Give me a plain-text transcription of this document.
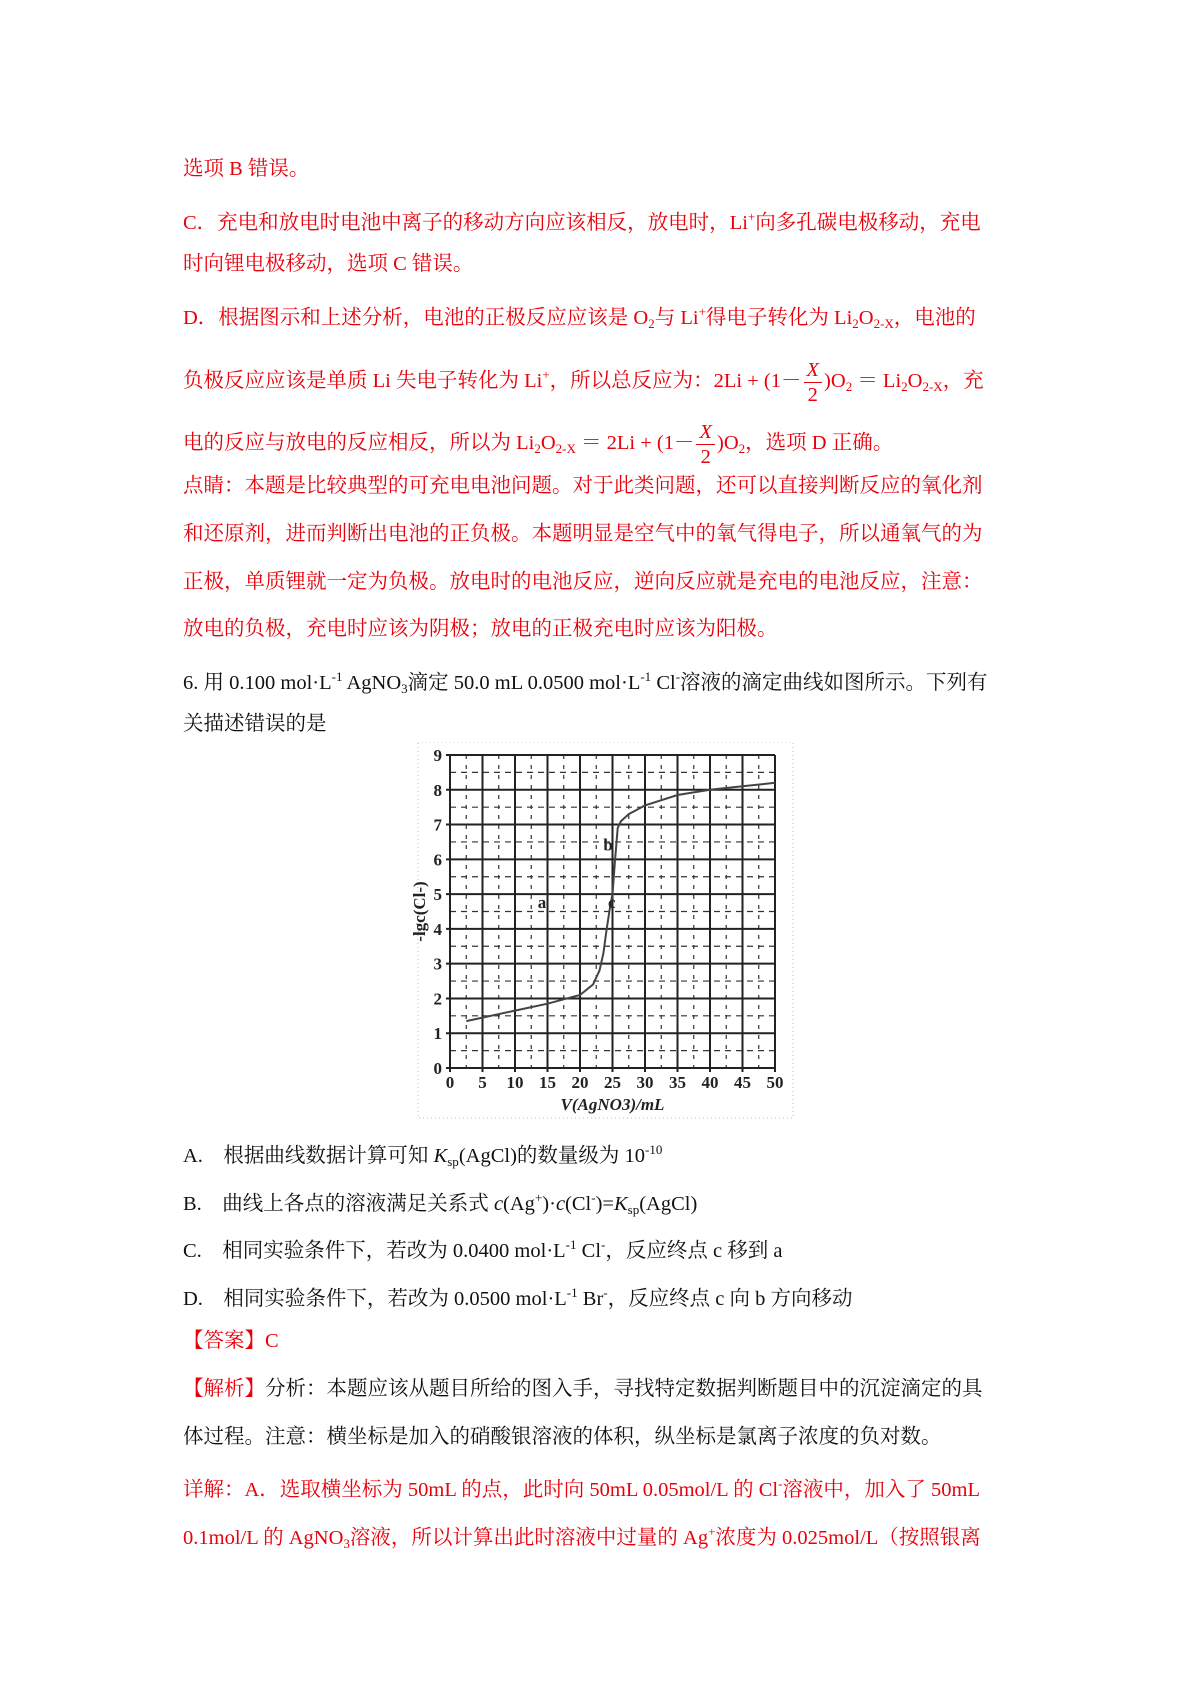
选项 B 错误。
C．充电和放电时电池中离子的移动方向应该相反，放电时，Li+向多孔碳电极移动，充电
时向锂电极移动，选项 C 错误。
D．根据图示和上述分析，电池的正极反应应该是 $O_2$与 Li+得电子转化为 $Li_2O_{2-X}$，电池的
负极反应应该是单质 Li 失电子转化为 Li+，所以总反应为：$2Li + (1- \frac{X}{2} )O_2 = Li_2O_{2-X}$，充
电的反应与放电的反应相反，所以为 $Li_2O_{2-X} = 2Li + (1- \frac{X}{2} )O_2$，选项 D 正确。
点睛：本题是比较典型的可充电电池问题。对于此类问题，还可以直接判断反应的氧化剂
和还原剂，进而判断出电池的正负极。本题明显是空气中的氧气得电子，所以通氧气的为
正极，单质锂就一定为负极。放电时的电池反应，逆向反应就是充电的电池反应，注意：
放电的负极，充电时应该为阴极；放电的正极充电时应该为阳极。
6. 用 0.100 $mol\cdot L^{-1}$ AgNO$_3$滴定 50.0 mL 0.0500 $mol\cdot L^{-1}$ Cl-溶液的滴定曲线如图所示。下列有
关描述错误的是
A.　根据曲线数据计算可知 $K_{sp}(AgCl)$的数量级为 $10^{-10}$
B.　曲线上各点的溶液满足关系式 $c(Ag^+)\cdot c(Cl^-)=K_{sp}(AgCl)$
C.　相同实验条件下，若改为 0.0400 $mol\cdot L^{-1}$ Cl-，反应终点 c 移到 a
D.　相同实验条件下，若改为 0.0500 $mol\cdot L^{-1}$ Br-，反应终点 c 向 b 方向移动
【答案】C
【解析】分析：本题应该从题目所给的图入手，寻找特定数据判断题目中的沉淀滴定的具
体过程。注意：横坐标是加入的硝酸银溶液的体积，纵坐标是氯离子浓度的负对数。
详解：A．选取横坐标为 50mL 的点，此时向 50mL 0.05mol/L 的 Cl-溶液中，加入了 50mL
0.1mol/L 的 AgNO$_3$溶液，所以计算出此时溶液中过量的 Ag+浓度为 0.025mol/L（按照银离
0 5 10 15 20 25 30 35 40 45 50
0
1
2
3
4
5
6
7
8
9
a
b
c
V(AgNO3)/mL
-lgc(Cl-)
